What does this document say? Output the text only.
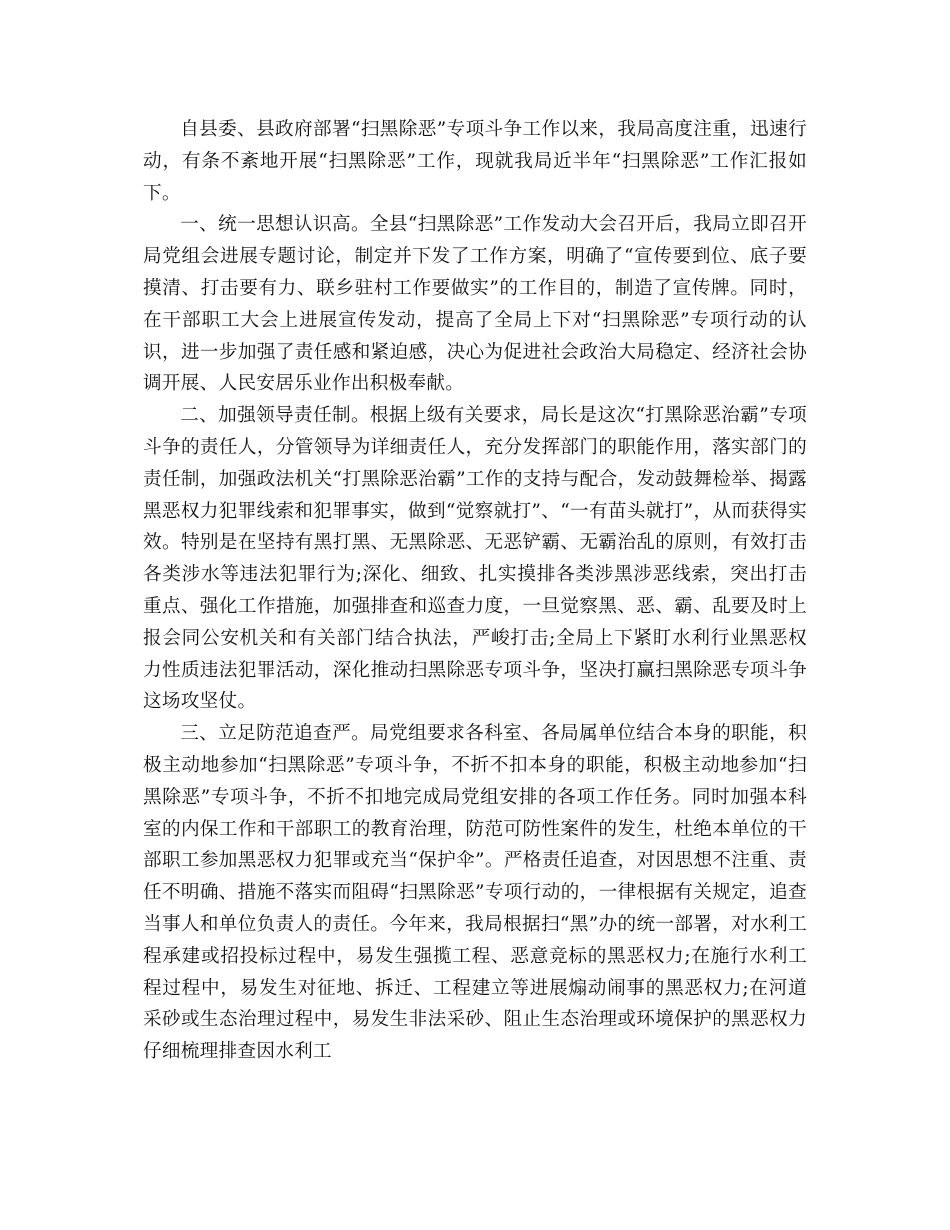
自县委、县政府部署“扫黑除恶”专项斗争工作以来，我局高度注重，迅速行动，有条不紊地开展“扫黑除恶”工作，现就我局近半年“扫黑除恶”工作汇报如下。

一、统一思想认识高。全县“扫黑除恶”工作发动大会召开后，我局立即召开局党组会进展专题讨论，制定并下发了工作方案，明确了“宣传要到位、底子要摸清、打击要有力、联乡驻村工作要做实”的工作目的，制造了宣传牌。同时，在干部职工大会上进展宣传发动，提高了全局上下对“扫黑除恶”专项行动的认识，进一步加强了责任感和紧迫感，决心为促进社会政治大局稳定、经济社会协调开展、人民安居乐业作出积极奉献。

二、加强领导责任制。根据上级有关要求，局长是这次“打黑除恶治霸”专项斗争的责任人，分管领导为详细责任人，充分发挥部门的职能作用，落实部门的责任制，加强政法机关“打黑除恶治霸”工作的支持与配合，发动鼓舞检举、揭露黑恶权力犯罪线索和犯罪事实，做到“觉察就打”、“一有苗头就打”，从而获得实效。特别是在坚持有黑打黑、无黑除恶、无恶铲霸、无霸治乱的原则，有效打击各类涉水等违法犯罪行为;深化、细致、扎实摸排各类涉黑涉恶线索，突出打击重点、强化工作措施，加强排查和巡查力度，一旦觉察黑、恶、霸、乱要及时上报会同公安机关和有关部门结合执法，严峻打击;全局上下紧盯水利行业黑恶权力性质违法犯罪活动，深化推动扫黑除恶专项斗争，坚决打赢扫黑除恶专项斗争这场攻坚仗。

三、立足防范追查严。局党组要求各科室、各局属单位结合本身的职能，积极主动地参加“扫黑除恶”专项斗争，不折不扣本身的职能，积极主动地参加“扫黑除恶”专项斗争，不折不扣地完成局党组安排的各项工作任务。同时加强本科室的内保工作和干部职工的教育治理，防范可防性案件的发生，杜绝本单位的干部职工参加黑恶权力犯罪或充当“保护伞”。严格责任追查，对因思想不注重、责任不明确、措施不落实而阻碍“扫黑除恶”专项行动的，一律根据有关规定，追查当事人和单位负责人的责任。今年来，我局根据扫“黑”办的统一部署，对水利工程承建或招投标过程中，易发生强揽工程、恶意竞标的黑恶权力;在施行水利工程过程中，易发生对征地、拆迁、工程建立等进展煽动闹事的黑恶权力;在河道采砂或生态治理过程中，易发生非法采砂、阻止生态治理或环境保护的黑恶权力仔细梳理排查因水利工
